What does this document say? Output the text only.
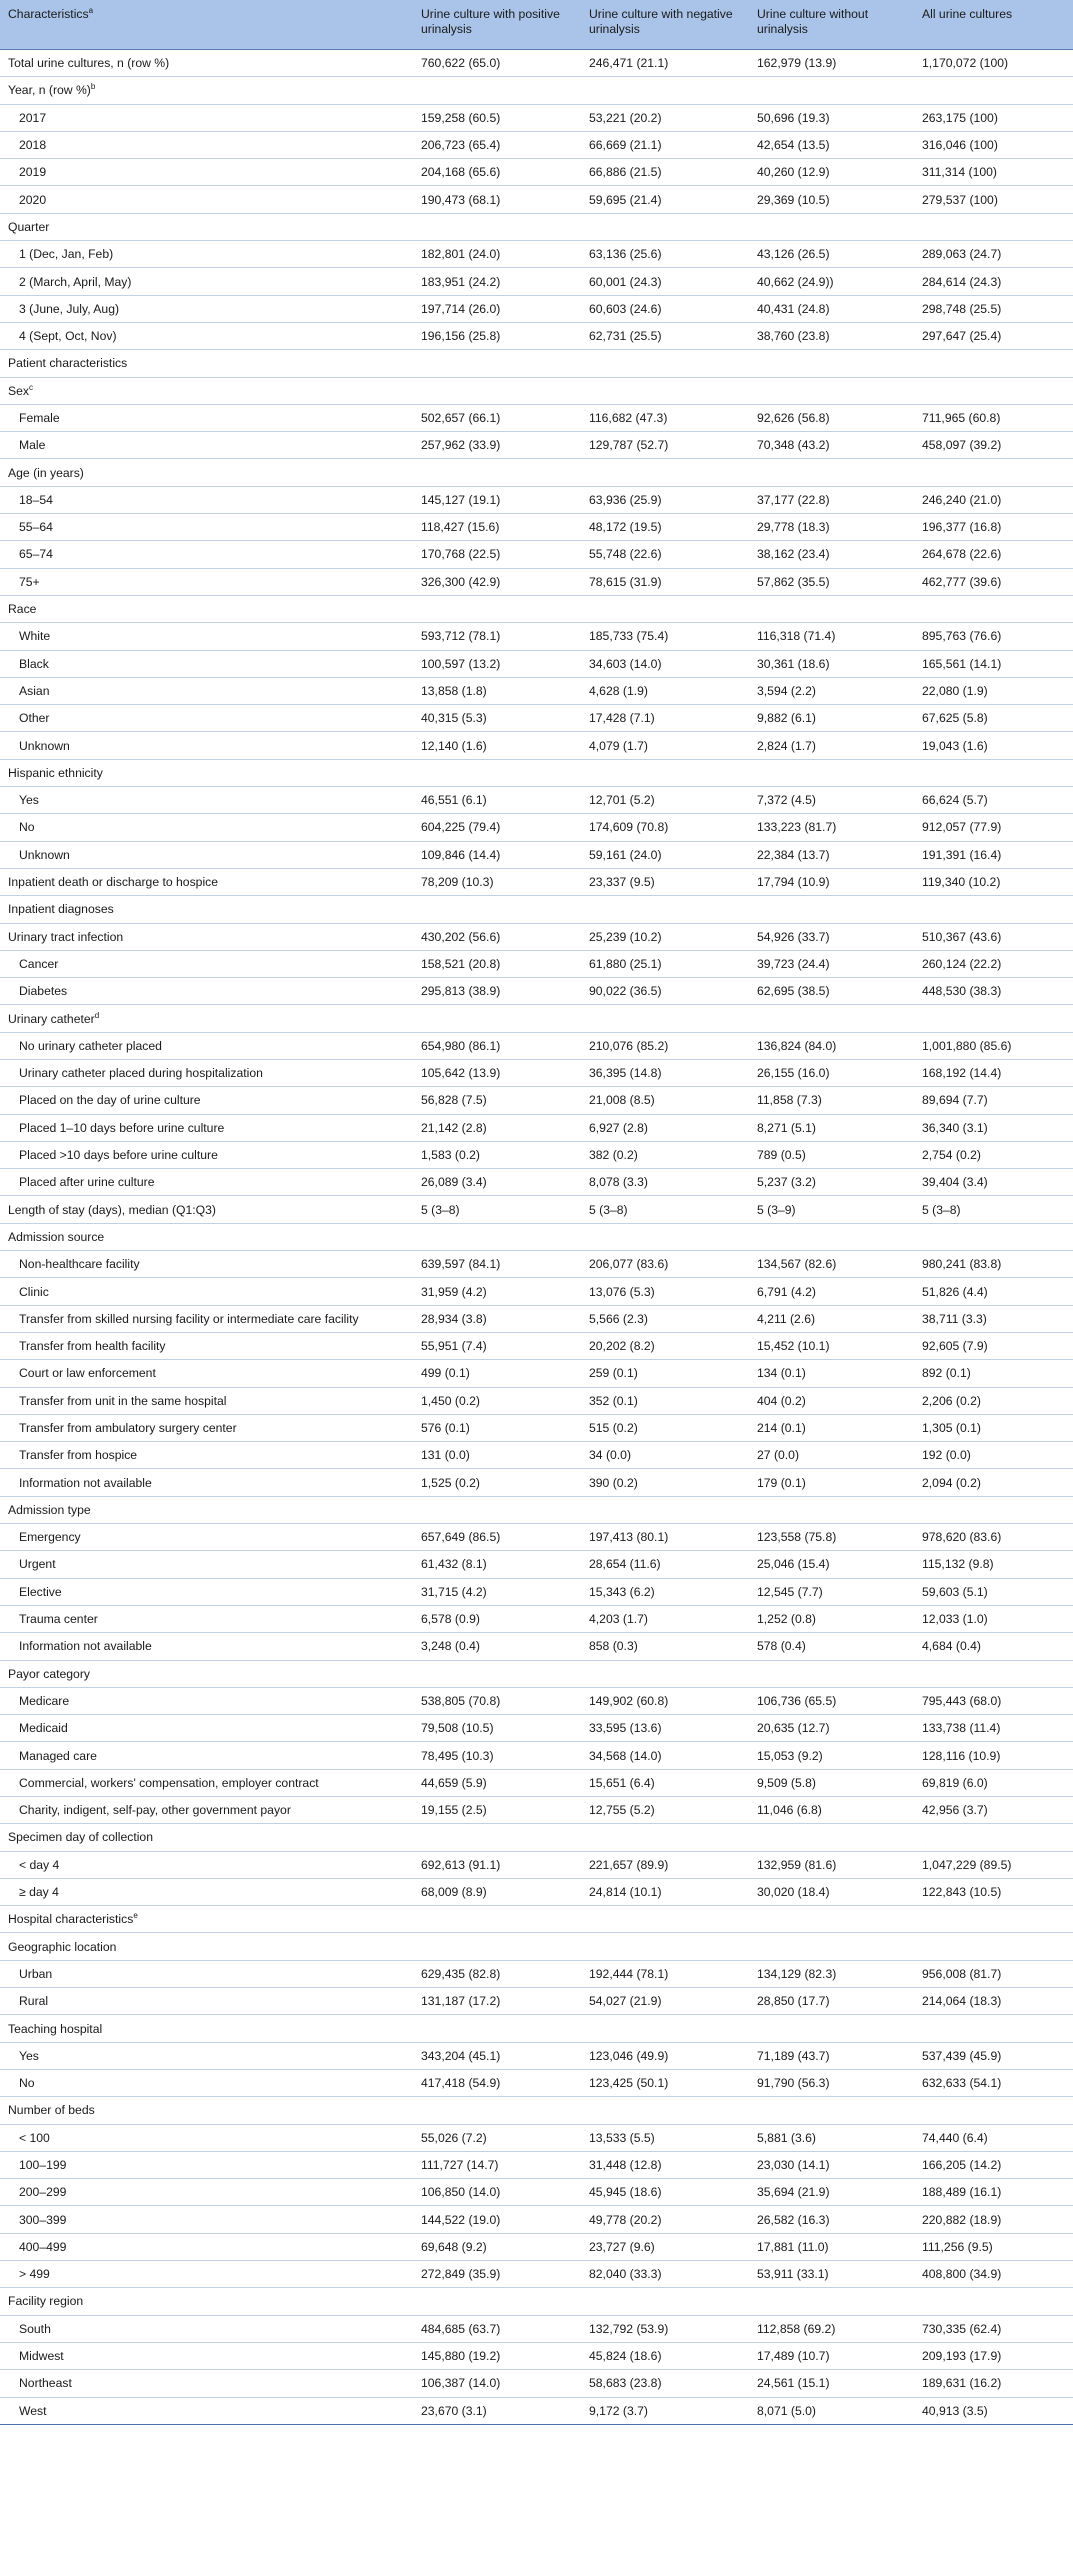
Characteristics$^a$	Urine culture with positive urinalysis	Urine culture with negative urinalysis	Urine culture without urinalysis	All urine cultures
Total urine cultures, n (row %)	760,622 (65.0)	246,471 (21.1)	162,979 (13.9)	1,170,072 (100)
Year, n (row %)$^b$				
2017	159,258 (60.5)	53,221 (20.2)	50,696 (19.3)	263,175 (100)
2018	206,723 (65.4)	66,669 (21.1)	42,654 (13.5)	316,046 (100)
2019	204,168 (65.6)	66,886 (21.5)	40,260 (12.9)	311,314 (100)
2020	190,473 (68.1)	59,695 (21.4)	29,369 (10.5)	279,537 (100)
Quarter				
1 (Dec, Jan, Feb)	182,801 (24.0)	63,136 (25.6)	43,126 (26.5)	289,063 (24.7)
2 (March, April, May)	183,951 (24.2)	60,001 (24.3)	40,662 (24.9))	284,614 (24.3)
3 (June, July, Aug)	197,714 (26.0)	60,603 (24.6)	40,431 (24.8)	298,748 (25.5)
4 (Sept, Oct, Nov)	196,156 (25.8)	62,731 (25.5)	38,760 (23.8)	297,647 (25.4)
Patient characteristics				
Sex$^c$				
Female	502,657 (66.1)	116,682 (47.3)	92,626 (56.8)	711,965 (60.8)
Male	257,962 (33.9)	129,787 (52.7)	70,348 (43.2)	458,097 (39.2)
Age (in years)				
18–54	145,127 (19.1)	63,936 (25.9)	37,177 (22.8)	246,240 (21.0)
55–64	118,427 (15.6)	48,172 (19.5)	29,778 (18.3)	196,377 (16.8)
65–74	170,768 (22.5)	55,748 (22.6)	38,162 (23.4)	264,678 (22.6)
75+	326,300 (42.9)	78,615 (31.9)	57,862 (35.5)	462,777 (39.6)
Race				
White	593,712 (78.1)	185,733 (75.4)	116,318 (71.4)	895,763 (76.6)
Black	100,597 (13.2)	34,603 (14.0)	30,361 (18.6)	165,561 (14.1)
Asian	13,858 (1.8)	4,628 (1.9)	3,594 (2.2)	22,080 (1.9)
Other	40,315 (5.3)	17,428 (7.1)	9,882 (6.1)	67,625 (5.8)
Unknown	12,140 (1.6)	4,079 (1.7)	2,824 (1.7)	19,043 (1.6)
Hispanic ethnicity				
Yes	46,551 (6.1)	12,701 (5.2)	7,372 (4.5)	66,624 (5.7)
No	604,225 (79.4)	174,609 (70.8)	133,223 (81.7)	912,057 (77.9)
Unknown	109,846 (14.4)	59,161 (24.0)	22,384 (13.7)	191,391 (16.4)
Inpatient death or discharge to hospice	78,209 (10.3)	23,337 (9.5)	17,794 (10.9)	119,340 (10.2)
Inpatient diagnoses				
Urinary tract infection	430,202 (56.6)	25,239 (10.2)	54,926 (33.7)	510,367 (43.6)
Cancer	158,521 (20.8)	61,880 (25.1)	39,723 (24.4)	260,124 (22.2)
Diabetes	295,813 (38.9)	90,022 (36.5)	62,695 (38.5)	448,530 (38.3)
Urinary catheter$^d$				
No urinary catheter placed	654,980 (86.1)	210,076 (85.2)	136,824 (84.0)	1,001,880 (85.6)
Urinary catheter placed during hospitalization	105,642 (13.9)	36,395 (14.8)	26,155 (16.0)	168,192 (14.4)
Placed on the day of urine culture	56,828 (7.5)	21,008 (8.5)	11,858 (7.3)	89,694 (7.7)
Placed 1–10 days before urine culture	21,142 (2.8)	6,927 (2.8)	8,271 (5.1)	36,340 (3.1)
Placed >10 days before urine culture	1,583 (0.2)	382 (0.2)	789 (0.5)	2,754 (0.2)
Placed after urine culture	26,089 (3.4)	8,078 (3.3)	5,237 (3.2)	39,404 (3.4)
Length of stay (days), median (Q1:Q3)	5 (3–8)	5 (3–8)	5 (3–9)	5 (3–8)
Admission source				
Non-healthcare facility	639,597 (84.1)	206,077 (83.6)	134,567 (82.6)	980,241 (83.8)
Clinic	31,959 (4.2)	13,076 (5.3)	6,791 (4.2)	51,826 (4.4)
Transfer from skilled nursing facility or intermediate care facility	28,934 (3.8)	5,566 (2.3)	4,211 (2.6)	38,711 (3.3)
Transfer from health facility	55,951 (7.4)	20,202 (8.2)	15,452 (10.1)	92,605 (7.9)
Court or law enforcement	499 (0.1)	259 (0.1)	134 (0.1)	892 (0.1)
Transfer from unit in the same hospital	1,450 (0.2)	352 (0.1)	404 (0.2)	2,206 (0.2)
Transfer from ambulatory surgery center	576 (0.1)	515 (0.2)	214 (0.1)	1,305 (0.1)
Transfer from hospice	131 (0.0)	34 (0.0)	27 (0.0)	192 (0.0)
Information not available	1,525 (0.2)	390 (0.2)	179 (0.1)	2,094 (0.2)
Admission type				
Emergency	657,649 (86.5)	197,413 (80.1)	123,558 (75.8)	978,620 (83.6)
Urgent	61,432 (8.1)	28,654 (11.6)	25,046 (15.4)	115,132 (9.8)
Elective	31,715 (4.2)	15,343 (6.2)	12,545 (7.7)	59,603 (5.1)
Trauma center	6,578 (0.9)	4,203 (1.7)	1,252 (0.8)	12,033 (1.0)
Information not available	3,248 (0.4)	858 (0.3)	578 (0.4)	4,684 (0.4)
Payor category				
Medicare	538,805 (70.8)	149,902 (60.8)	106,736 (65.5)	795,443 (68.0)
Medicaid	79,508 (10.5)	33,595 (13.6)	20,635 (12.7)	133,738 (11.4)
Managed care	78,495 (10.3)	34,568 (14.0)	15,053 (9.2)	128,116 (10.9)
Commercial, workers' compensation, employer contract	44,659 (5.9)	15,651 (6.4)	9,509 (5.8)	69,819 (6.0)
Charity, indigent, self-pay, other government payor	19,155 (2.5)	12,755 (5.2)	11,046 (6.8)	42,956 (3.7)
Specimen day of collection				
< day 4	692,613 (91.1)	221,657 (89.9)	132,959 (81.6)	1,047,229 (89.5)
≥ day 4	68,009 (8.9)	24,814 (10.1)	30,020 (18.4)	122,843 (10.5)
Hospital characteristics$^e$				
Geographic location				
Urban	629,435 (82.8)	192,444 (78.1)	134,129 (82.3)	956,008 (81.7)
Rural	131,187 (17.2)	54,027 (21.9)	28,850 (17.7)	214,064 (18.3)
Teaching hospital				
Yes	343,204 (45.1)	123,046 (49.9)	71,189 (43.7)	537,439 (45.9)
No	417,418 (54.9)	123,425 (50.1)	91,790 (56.3)	632,633 (54.1)
Number of beds				
< 100	55,026 (7.2)	13,533 (5.5)	5,881 (3.6)	74,440 (6.4)
100–199	111,727 (14.7)	31,448 (12.8)	23,030 (14.1)	166,205 (14.2)
200–299	106,850 (14.0)	45,945 (18.6)	35,694 (21.9)	188,489 (16.1)
300–399	144,522 (19.0)	49,778 (20.2)	26,582 (16.3)	220,882 (18.9)
400–499	69,648 (9.2)	23,727 (9.6)	17,881 (11.0)	111,256 (9.5)
> 499	272,849 (35.9)	82,040 (33.3)	53,911 (33.1)	408,800 (34.9)
Facility region				
South	484,685 (63.7)	132,792 (53.9)	112,858 (69.2)	730,335 (62.4)
Midwest	145,880 (19.2)	45,824 (18.6)	17,489 (10.7)	209,193 (17.9)
Northeast	106,387 (14.0)	58,683 (23.8)	24,561 (15.1)	189,631 (16.2)
West	23,670 (3.1)	9,172 (3.7)	8,071 (5.0)	40,913 (3.5)
